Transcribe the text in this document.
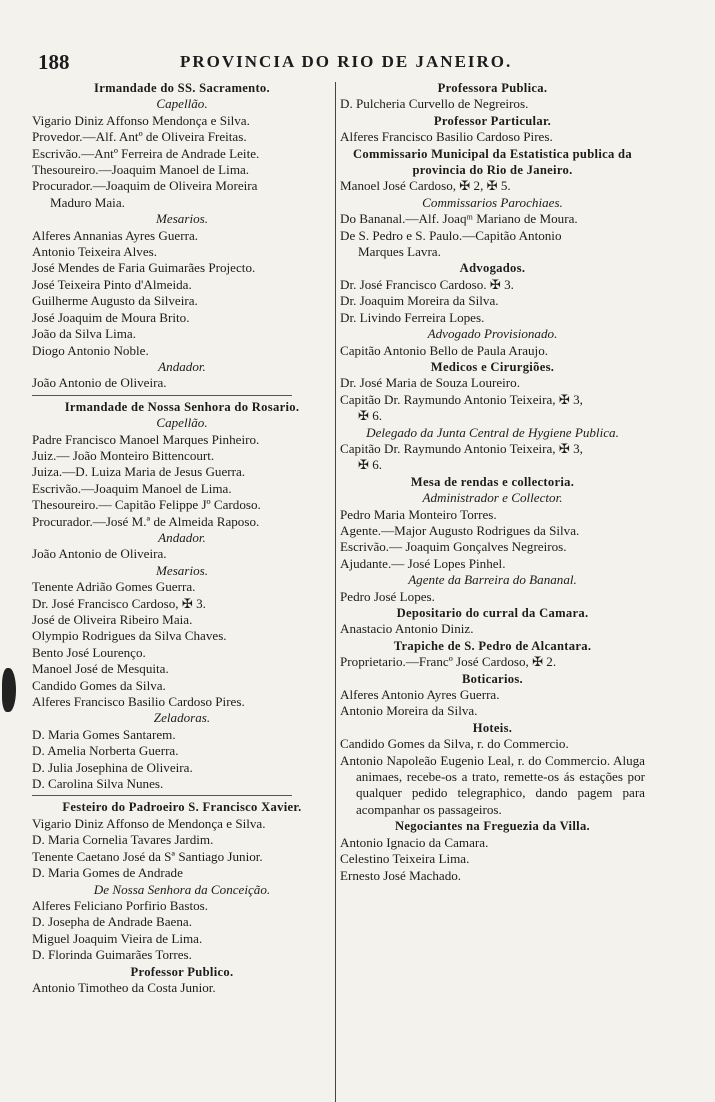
188	PROVINCIA DO RIO DE JANEIRO.
Irmandade do SS. Sacramento.
Capellão.
Vigario Diniz Affonso Mendonça e Silva.
Provedor.—Alf. Antº de Oliveira Freitas.
Escrivão.—Antº Ferreira de Andrade Leite.
Thesoureiro.—Joaquim Manoel de Lima.
Procurador.—Joaquim de Oliveira Moreira
Maduro Maia.
Mesarios.
Alferes Annanias Ayres Guerra.
Antonio Teixeira Alves.
José Mendes de Faria Guimarães Projecto.
José Teixeira Pinto d'Almeida.
Guilherme Augusto da Silveira.
José Joaquim de Moura Brito.
João da Silva Lima.
Diogo Antonio Noble.
Andador.
João Antonio de Oliveira.
Irmandade de Nossa Senhora do Rosario.
Capellão.
Padre Francisco Manoel Marques Pinheiro.
Juiz.— João Monteiro Bittencourt.
Juiza.—D. Luiza Maria de Jesus Guerra.
Escrivão.—Joaquim Manoel de Lima.
Thesoureiro.— Capitão Felippe Jº Cardoso.
Procurador.—José M.ª de Almeida Raposo.
Andador.
João Antonio de Oliveira.
Mesarios.
Tenente Adrião Gomes Guerra.
Dr. José Francisco Cardoso, ✠ 3.
José de Oliveira Ribeiro Maia.
Olympio Rodrigues da Silva Chaves.
Bento José Lourenço.
Manoel José de Mesquita.
Candido Gomes da Silva.
Alferes Francisco Basilio Cardoso Pires.
Zeladoras.
D. Maria Gomes Santarem.
D. Amelia Norberta Guerra.
D. Julia Josephina de Oliveira.
D. Carolina Silva Nunes.
Festeiro do Padroeiro S. Francisco Xavier.
Vigario Diniz Affonso de Mendonça e Silva.
D. Maria Cornelia Tavares Jardim.
Tenente Caetano José da Sª Santiago Junior.
D. Maria Gomes de Andrade
De Nossa Senhora da Conceição.
Alferes Feliciano Porfirio Bastos.
D. Josepha de Andrade Baena.
Miguel Joaquim Vieira de Lima.
D. Florinda Guimarães Torres.
Professor Publico.
Antonio Timotheo da Costa Junior.
Professora Publica.
D. Pulcheria Curvello de Negreiros.
Professor Particular.
Alferes Francisco Basilio Cardoso Pires.
Commissario Municipal da Estatistica publica da provincia do Rio de Janeiro.
Manoel José Cardoso, ✠ 2, ✠ 5.
Commissarios Parochiaes.
Do Bananal.—Alf. Joaqᵐ Mariano de Moura.
De S. Pedro e S. Paulo.—Capitão Antonio
Marques Lavra.
Advogados.
Dr. José Francisco Cardoso. ✠ 3.
Dr. Joaquim Moreira da Silva.
Dr. Livindo Ferreira Lopes.
Advogado Provisionado.
Capitão Antonio Bello de Paula Araujo.
Medicos e Cirurgiões.
Dr. José Maria de Souza Loureiro.
Capitão Dr. Raymundo Antonio Teixeira, ✠ 3,
✠ 6.
Delegado da Junta Central de Hygiene Publica.
Capitão Dr. Raymundo Antonio Teixeira, ✠ 3,
✠ 6.
Mesa de rendas e collectoria.
Administrador e Collector.
Pedro Maria Monteiro Torres.
Agente.—Major Augusto Rodrigues da Silva.
Escrivão.— Joaquim Gonçalves Negreiros.
Ajudante.— José Lopes Pinhel.
Agente da Barreira do Bananal.
Pedro José Lopes.
Depositario do curral da Camara.
Anastacio Antonio Diniz.
Trapiche de S. Pedro de Alcantara.
Proprietario.—Francº José Cardoso, ✠ 2.
Boticarios.
Alferes Antonio Ayres Guerra.
Antonio Moreira da Silva.
Hoteis.
Candido Gomes da Silva, r. do Commercio.
Antonio Napoleão Eugenio Leal, r. do Commercio. Aluga animaes, recebe-os a trato, remette-os ás estações por qualquer pedido telegraphico, dando pagem para acompanhar os passageiros.
Negociantes na Freguezia da Villa.
Antonio Ignacio da Camara.
Celestino Teixeira Lima.
Ernesto José Machado.
